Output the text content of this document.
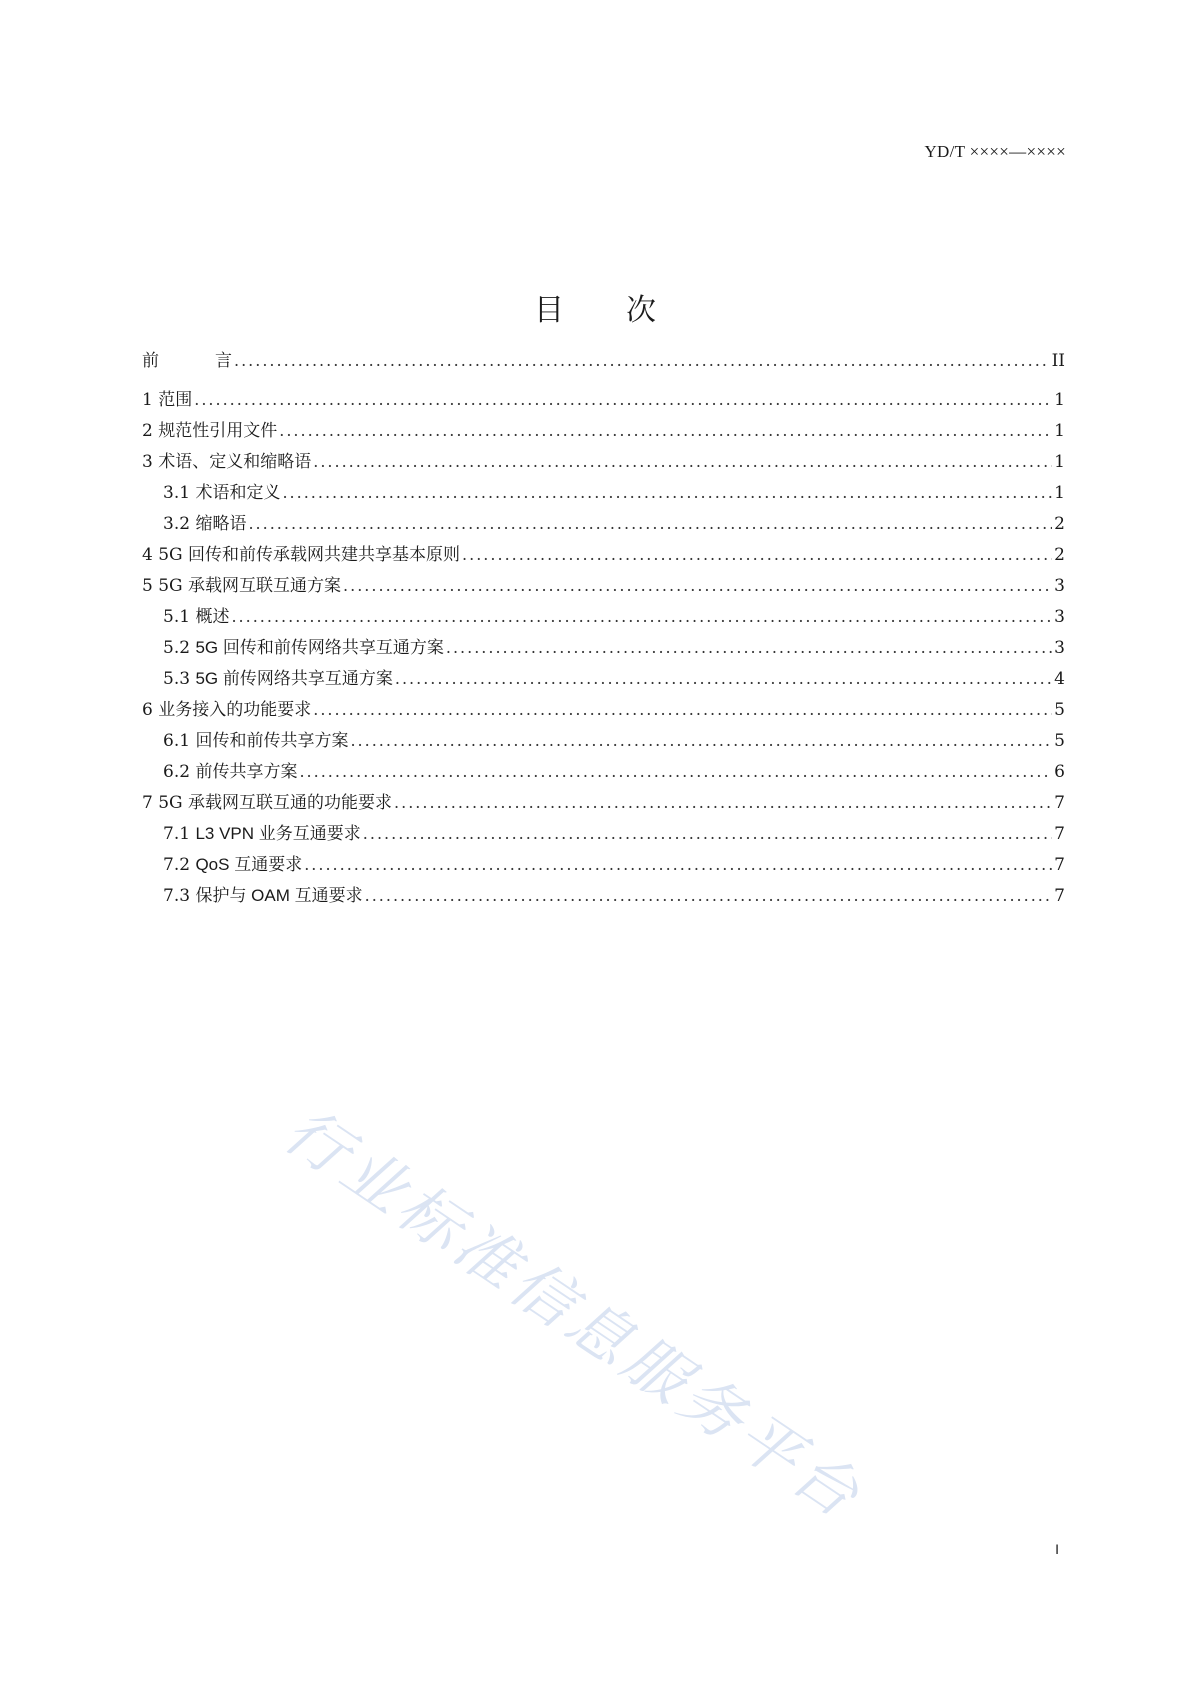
YD/T ××××—××××
目 次
前	言 .....	II
1 范围 .....	1
2 规范性引用文件 .....	1
3 术语、定义和缩略语 .....	1
3.1 术语和定义 .....	1
3.2 缩略语 .....	2
4 5G 回传和前传承载网共建共享基本原则 .....	2
5 5G 承载网互联互通方案 .....	3
5.1 概述 .....	3
5.2 5G 回传和前传网络共享互通方案 .....	3
5.3 5G 前传网络共享互通方案 .....	4
6 业务接入的功能要求 .....	5
6.1 回传和前传共享方案 .....	5
6.2 前传共享方案 .....	6
7 5G 承载网互联互通的功能要求 .....	7
7.1 L3 VPN 业务互通要求 .....	7
7.2 QoS 互通要求 .....	7
7.3 保护与 OAM 互通要求 .....	7
行业标准信息服务平台
I
